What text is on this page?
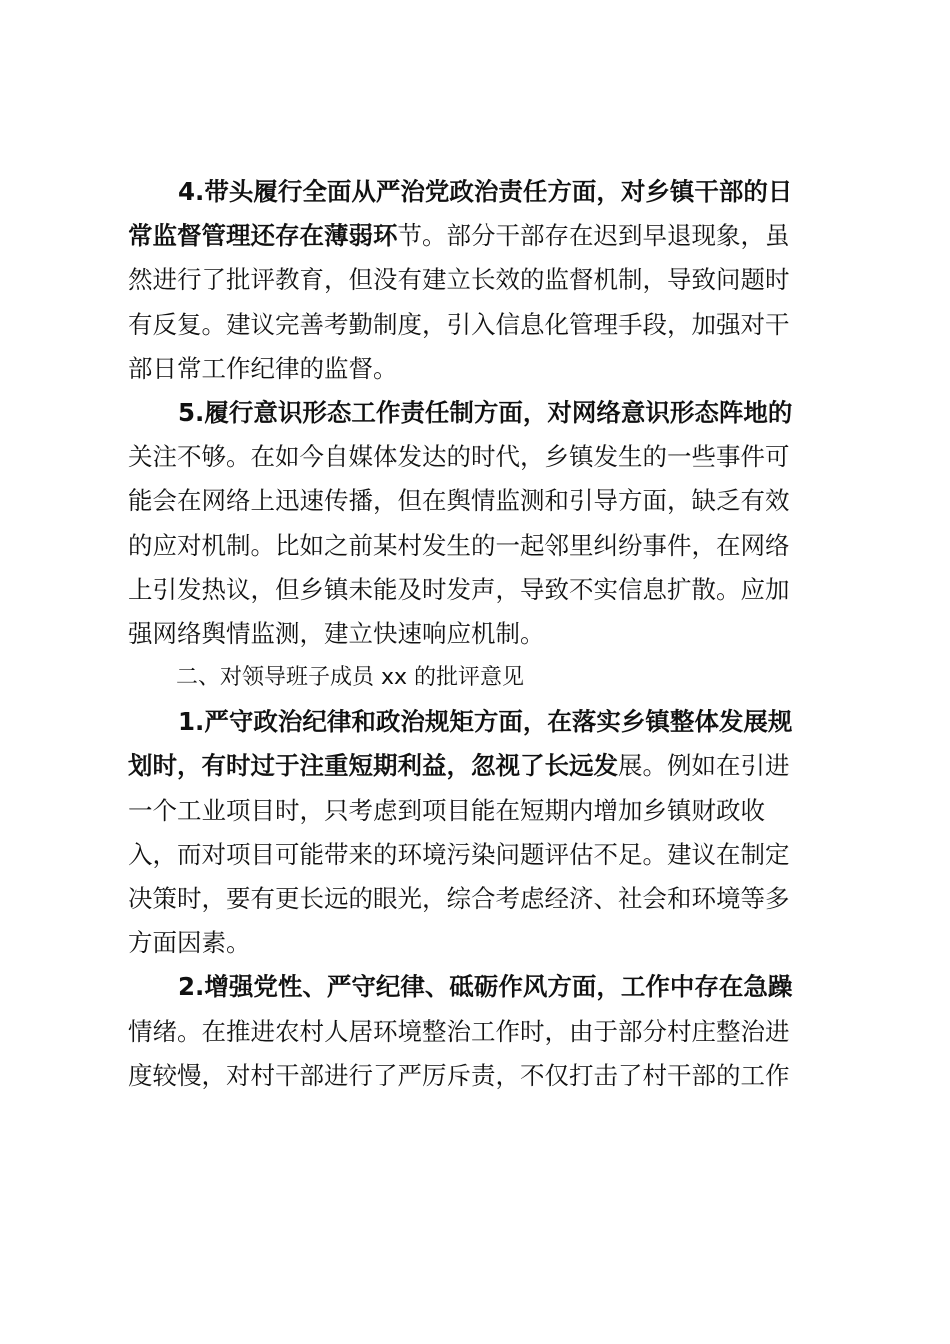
4.带头履行全面从严治党政治责任方面，对乡镇干部的日
常监督管理还存在薄弱环节。部分干部存在迟到早退现象，虽
然进行了批评教育，但没有建立长效的监督机制，导致问题时
有反复。建议完善考勤制度，引入信息化管理手段，加强对干
部日常工作纪律的监督。
5.履行意识形态工作责任制方面，对网络意识形态阵地的
关注不够。在如今自媒体发达的时代，乡镇发生的一些事件可
能会在网络上迅速传播，但在舆情监测和引导方面，缺乏有效
的应对机制。比如之前某村发生的一起邻里纠纷事件，在网络
上引发热议，但乡镇未能及时发声，导致不实信息扩散。应加
强网络舆情监测，建立快速响应机制。
二、对领导班子成员 xx 的批评意见
1.严守政治纪律和政治规矩方面，在落实乡镇整体发展规
划时，有时过于注重短期利益，忽视了长远发展。例如在引进
一个工业项目时，只考虑到项目能在短期内增加乡镇财政收
入，而对项目可能带来的环境污染问题评估不足。建议在制定
决策时，要有更长远的眼光，综合考虑经济、社会和环境等多
方面因素。
2.增强党性、严守纪律、砥砺作风方面，工作中存在急躁
情绪。在推进农村人居环境整治工作时，由于部分村庄整治进
度较慢，对村干部进行了严厉斥责，不仅打击了村干部的工作
